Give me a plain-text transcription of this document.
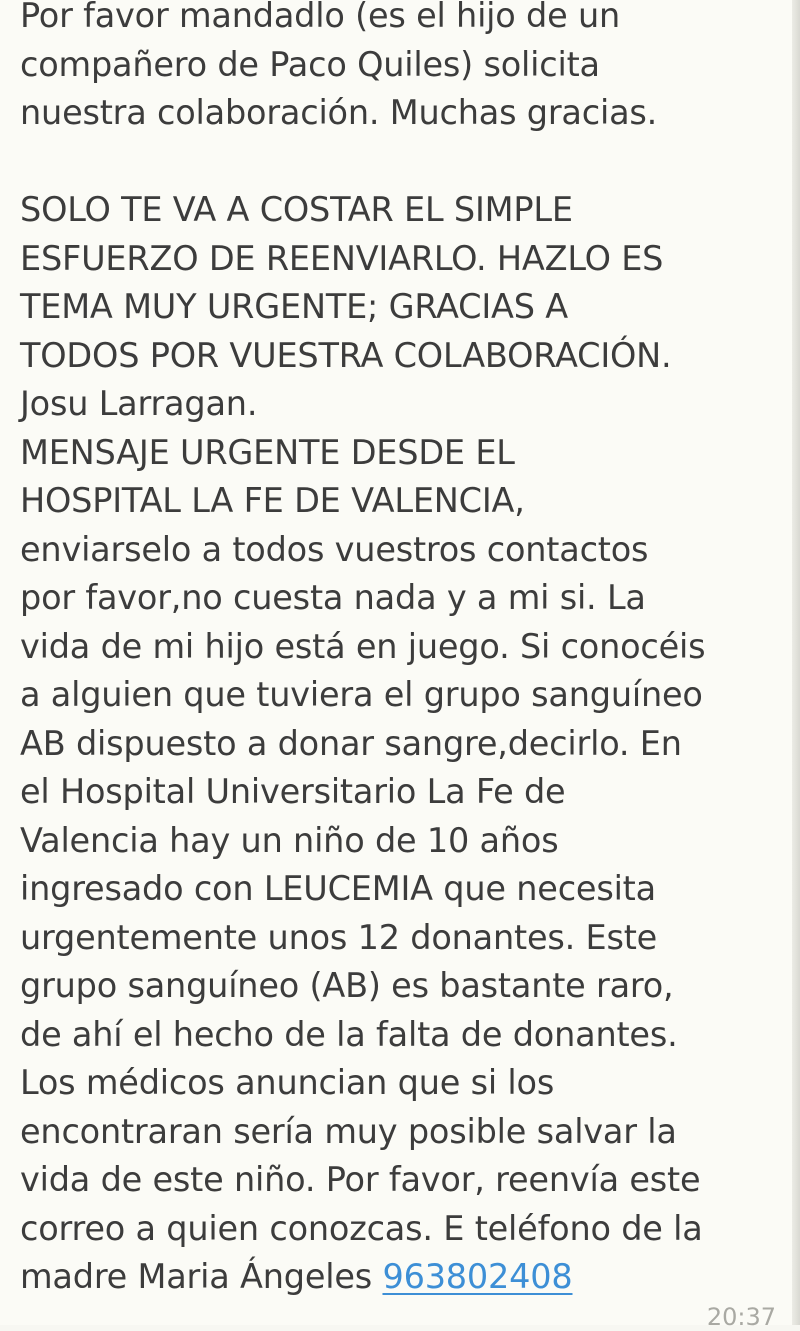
Por favor mandadlo (es el hijo de un
compañero de Paco Quiles) solicita
nuestra colaboración. Muchas gracias.
SOLO TE VA A COSTAR EL SIMPLE
ESFUERZO DE REENVIARLO. HAZLO ES
TEMA MUY URGENTE; GRACIAS A
TODOS POR VUESTRA COLABORACIÓN.
Josu Larragan.
MENSAJE URGENTE DESDE EL
HOSPITAL LA FE DE VALENCIA,
enviarselo a todos vuestros contactos
por favor,no cuesta nada y a mi si. La
vida de mi hijo está en juego. Si conocéis
a alguien que tuviera el grupo sanguíneo
AB dispuesto a donar sangre,decirlo. En
el Hospital Universitario La Fe de
Valencia hay un niño de 10 años
ingresado con LEUCEMIA que necesita
urgentemente unos 12 donantes. Este
grupo sanguíneo (AB) es bastante raro,
de ahí el hecho de la falta de donantes.
Los médicos anuncian que si los
encontraran sería muy posible salvar la
vida de este niño. Por favor, reenvía este
correo a quien conozcas. E teléfono de la
madre Maria Ángeles 963802408
20:37
